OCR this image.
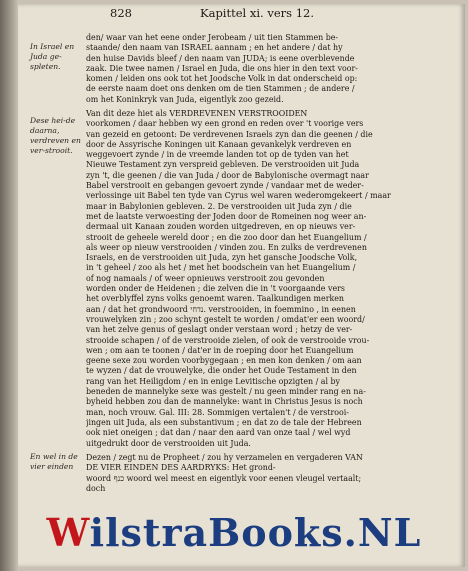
828	Kapittel xi. vers 12.
In Israel en Juda ge-spleten.
Dese hei-de daarna, verdreven en ver-strooit.
En wel in de vier einden
den/ waar van het eene onder Jerobeam / uit tien Stammen be-
staande/ den naam van ISRAEL aannam ; en het andere / dat hy
den huise Davids bleef / den naam van JUDA; is eene overblevende
zaak. Die twee namen / Israel en Juda, die ons hier in den text voor-
komen / leiden ons ook tot het Joodsche Volk in dat onderscheid op:
de eerste naam doet ons denken om de tien Stammen ; de andere /
om het Koninkryk van Juda, eigentlyk zoo gezeid.
Van dit deze hiet als VERDREVENEN VERSTROOIDEN
voorkomen / daar hebben wy een grond en reden over 't voorige vers
van gezeid en getoont: De verdrevenen Israels zyn dan die geenen / die
door de Assyrische Koningen uit Kanaan gevankelyk verdreven en
weggevoert zynde / in de vreemde landen tot op de tyden van het
Nieuwe Testament zyn verspreid gebleven. De verstrooiden uit Juda
zyn 't, die geenen / die van Juda / door de Babylonische overmagt naar
Babel verstrooit en gebangen gevoert zynde / vandaar met de weder-
verlossinge uit Babel ten tyde van Cyrus wel waren wederomgekeert / maar
maar in Babylonien gebleven. 2. De verstrooiden uit Juda zyn / die
met de laatste verwoesting der Joden door de Romeinen nog weer an-
dermaal uit Kanaan zouden worden uitgedreven, en op nieuws ver-
strooit de geheele wereld door ; en die zoo door dan het Euangelium /
als weer op nieuw verstrooiden / vinden zou. En zulks de verdrevenen
Israels, en de verstrooiden uit Juda, zyn het gansche Joodsche Volk,
in 't geheel / zoo als het / met het boodschein van het Euangelium /
of nog namaals / of weer opnieuws verstrooit zou gevonden
worden onder de Heidenen ; die zelven die in 't voorgaande vers
het overblyffel zyns volks genoemt waren. Taalkundigen merken
aan / dat het grondwoord נדחי. verstrooiden, in foemmino , in eenen
vrouwelyken zin ; zoo schynt gestelt te worden / omdat'er een woord/
van het zelve genus of geslagt onder verstaan word ; hetzy de ver-
strooide schapen / of de verstrooide zielen, of ook de verstrooide vrou-
wen ; om aan te toonen / dat'er in de roeping door het Euangelium
geene sexe zou worden voorbygegaan ; en men kon denken / om aan
te wyzen / dat de vrouwelyke, die onder het Oude Testament in den
rang van het Heiligdom / en in enige Levitische opzigten / al by
beneden de mannelyke sexe was gestelt / nu geen minder rang en na-
byheid hebben zou dan de mannelyke: want in Christus Jesus is noch
man, noch vrouw. Gal. III: 28. Sommigen vertalen't / de verstrooi-
jingen uit Juda, als een substantivum ; en dat zo de tale der Hebreen
ook niet oneigen ; dat dan / naar den aard van onze taal / wel wyd
uitgedrukt door de verstrooiden uit Juda.
Dezen / zegt nu de Propheet / zou hy verzamelen en vergaderen VAN
DE VIER EINDEN DES AARDRYKS: Het grond-
woord כנף woord wel meest en eigentlyk voor eenen vleugel vertaalt;
doch
WilstraBooks.NL
